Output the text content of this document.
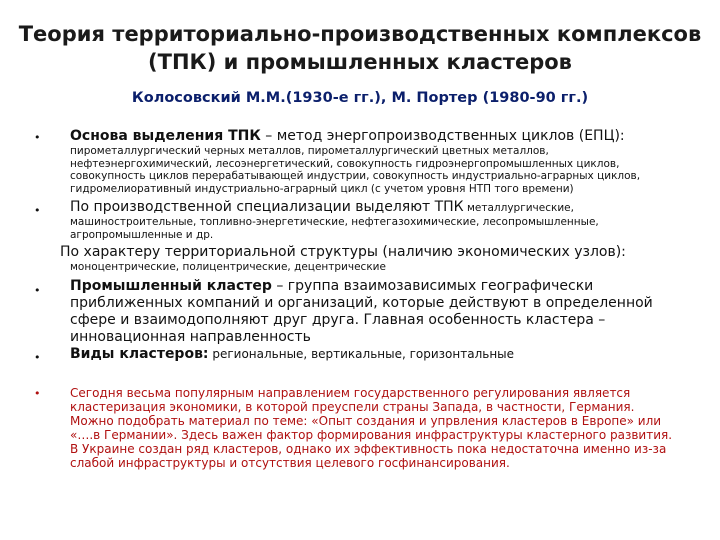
Теория территориально-производственных комплексов
(ТПК) и промышленных кластеров
Колосовский М.М.(1930-е гг.), М. Портер (1980-90 гг.)
• Основа выделения ТПК – метод энергопроизводственных циклов (ЕПЦ):
пирометаллургический черных металлов, пирометаллургический цветных металлов,
нефтеэнергохимический, лесоэнергетический, совокупность гидроэнергопромышленных циклов,
совокупность циклов перерабатывающей индустрии, совокупность индустриально-аграрных циклов,
гидромелиоративный индустриально-аграрный цикл (с учетом уровня НТП того времени)
• По производственной специализации выделяют ТПК металлургические,
машиностроительные, топливно-энергетические, нефтегазохимические, лесопромышленные,
агропромышленные и др.
По характеру территориальной структуры (наличию экономических узлов):
моноцентрические, полицентрические, децентрические
• Промышленный кластер – группа взаимозависимых географически
приближенных компаний и организаций, которые действуют в определенной
сфере и взаимодополняют друг друга. Главная особенность кластера –
инновационная направленность
• Виды кластеров: региональные, вертикальные, горизонтальные
• Сегодня весьма популярным направлением государственного регулирования является
кластеризация экономики, в которой преуспели страны Запада, в частности, Германия.
Можно подобрать материал по теме: «Опыт создания и упрвления кластеров в Европе» или
«….в Германии». Здесь важен фактор формирования инфраструктуры кластерного развития.
В Украине создан ряд кластеров, однако их эффективность пока недостаточна именно из-за
слабой инфраструктуры и отсутствия целевого госфинансирования.
